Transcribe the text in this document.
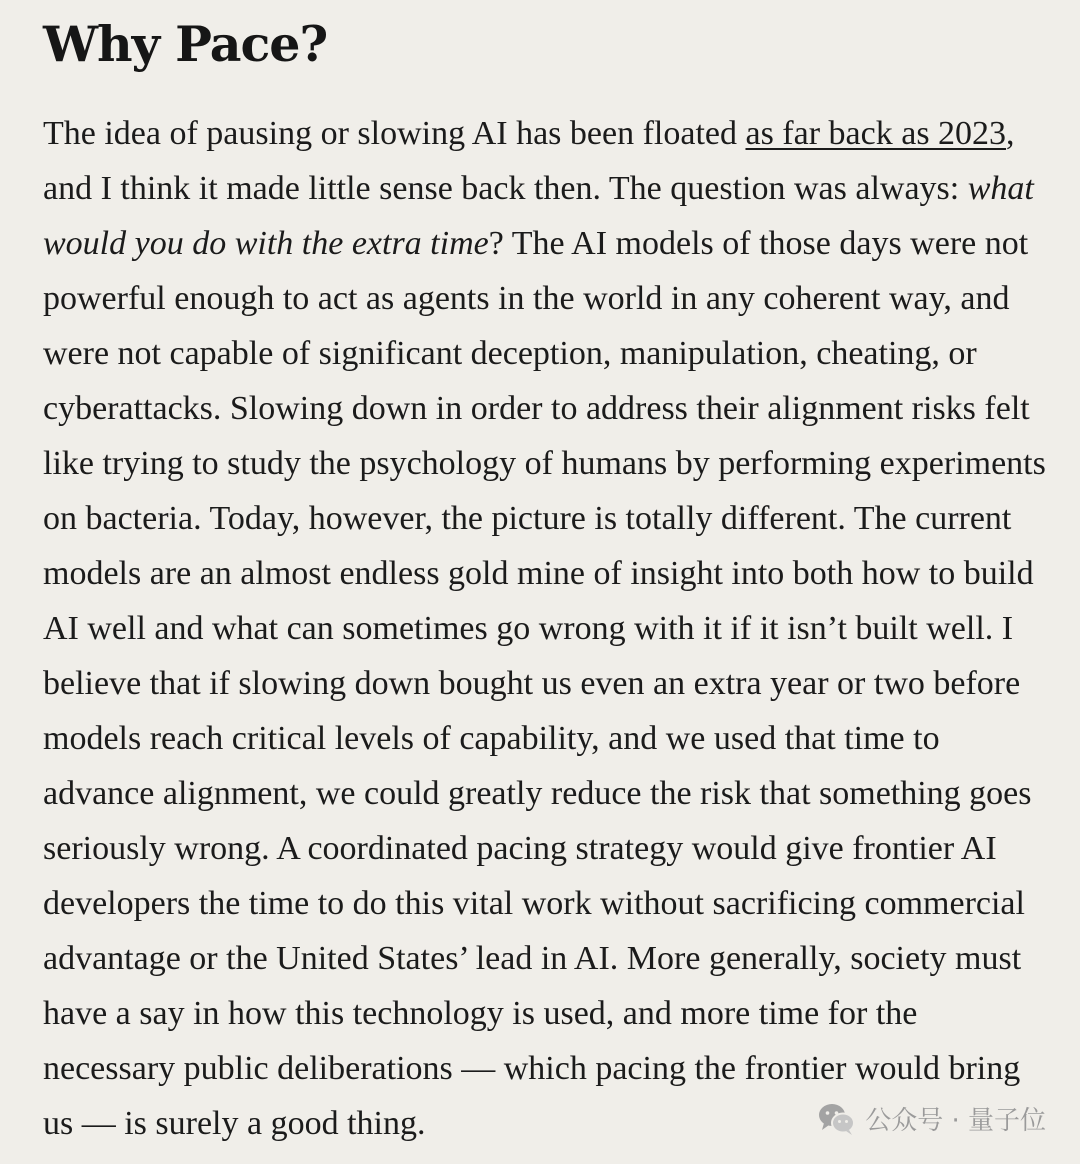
Why Pace?

The idea of pausing or slowing AI has been floated as far back as 2023, and I think it made little sense back then. The question was always: what would you do with the extra time? The AI models of those days were not powerful enough to act as agents in the world in any coherent way, and were not capable of significant deception, manipulation, cheating, or cyberattacks. Slowing down in order to address their alignment risks felt like trying to study the psychology of humans by performing experiments on bacteria. Today, however, the picture is totally different. The current models are an almost endless gold mine of insight into both how to build AI well and what can sometimes go wrong with it if it isn’t built well. I believe that if slowing down bought us even an extra year or two before models reach critical levels of capability, and we used that time to advance alignment, we could greatly reduce the risk that something goes seriously wrong. A coordinated pacing strategy would give frontier AI developers the time to do this vital work without sacrificing commercial advantage or the United States’ lead in AI. More generally, society must have a say in how this technology is used, and more time for the necessary public deliberations — which pacing the frontier would bring us — is surely a good thing.	公众号 · 量子位
